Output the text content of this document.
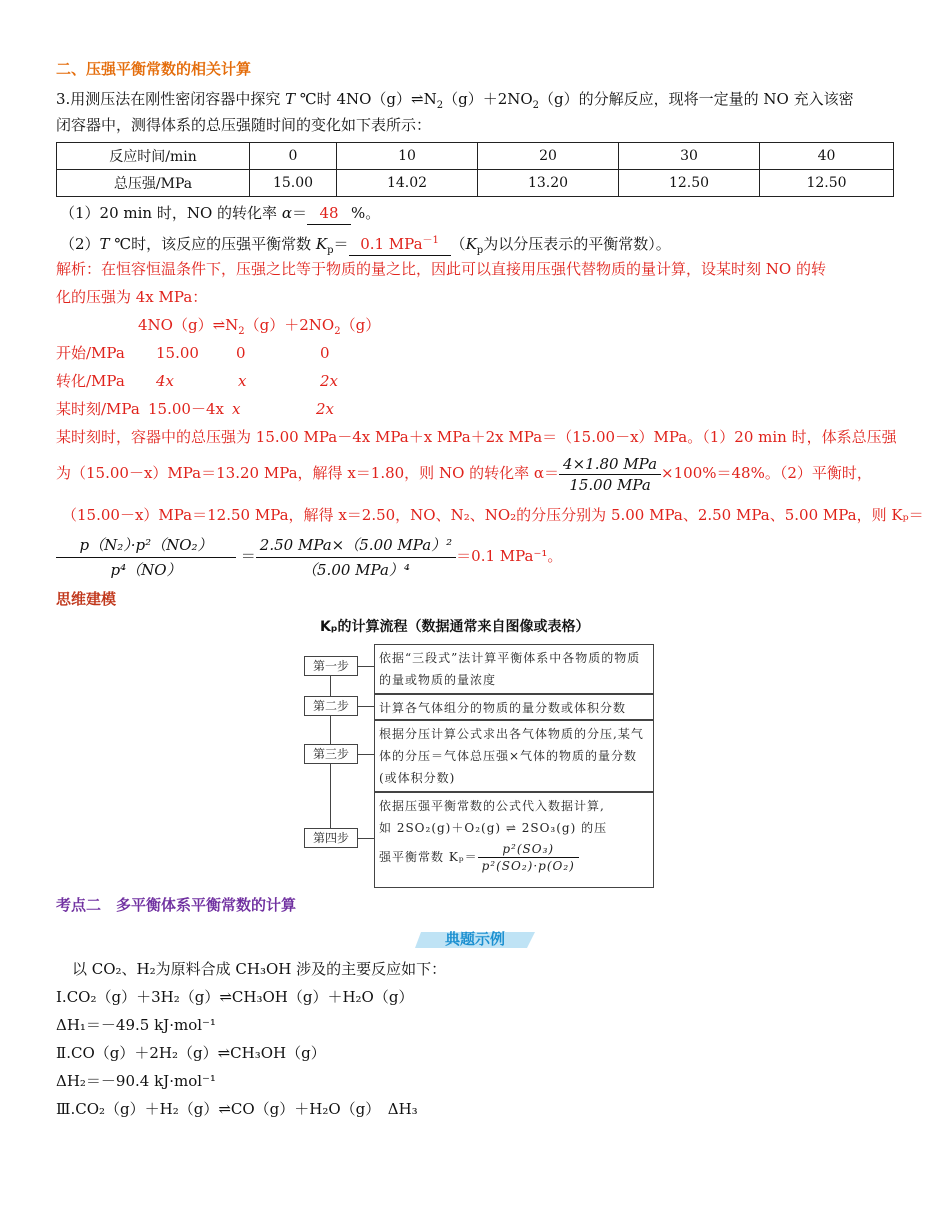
二、压强平衡常数的相关计算
3.用测压法在刚性密闭容器中探究 T ℃时 $4NO(g)\rightleftharpoons N_2(g)+2NO_2(g)$的分解反应，现将一定量的 NO 充入该密
闭容器中，测得体系的总压强随时间的变化如下表所示：
反应时间/min	0	10	20	30	40
总压强/MPa	15.00	14.02	13.20	12.50	12.50
（1）20 min 时，NO 的转化率 α＝ 48 %。
（2）T ℃时，该反应的压强平衡常数 $K_p= 0.1$ MPa$^{-1}$ （$K_p$为以分压表示的平衡常数）。
解析：在恒容恒温条件下，压强之比等于物质的量之比，因此可以直接用压强代替物质的量计算，设某时刻 NO 的转
化的压强为 4x MPa：
$4NO(g)\rightleftharpoons N_2(g)+2NO_2(g)$
开始/MPa 15.00 0	0
转化/MPa 4x	x	2x
某时刻/MPa 15.00－4x x	2x
某时刻时，容器中的总压强为 15.00 MPa－4x MPa＋x MPa＋2x MPa＝（15.00－x）MPa。（1）20 min 时，体系总压强
为（15.00－x）MPa＝13.20 MPa，解得 x＝1.80，则 NO 的转化率 $\alpha= \frac{\text{4×1.80 MPa}}{\text{15.00 MPa}} \times 100\%=48\%$。（2）平衡时，
（15.00－x）MPa＝12.50 MPa，解得 x＝2.50，NO、N₂、NO₂的分压分别为 5.00 MPa、2.50 MPa、5.00 MPa，则 Kₚ＝
$\frac{\text{p（N₂）·p²（NO₂）}}{\text{p⁴（NO）}} = \frac{\text{2.50 MPa×（5.00 MPa）²}}{\text{（5.00 MPa）⁴}} =0.1$ MPa⁻¹。
思维建模
Kₚ的计算流程（数据通常来自图像或表格）
依据“三段式”法计算平衡体系中各物质的物质的量或物质的量浓度
计算各气体组分的物质的量分数或体积分数
根据分压计算公式求出各气体物质的分压,某气体的分压＝气体总压强×气体的物质的量分数(或体积分数)
依据压强平衡常数的公式代入数据计算,
如 2SO₂(g)＋O₂(g) ⇌ 2SO₃(g) 的压
强平衡常数 $K_p= \frac{\text{p²(SO₃)}}{\text{p²(SO₂)·p(O₂)}}$
第一步
第二步
第三步
第四步
考点二　多平衡体系平衡常数的计算
典题示例
以 CO₂、H₂为原料合成 CH₃OH 涉及的主要反应如下：
Ⅰ.CO₂（g）＋3H₂（g）⇌CH₃OH（g）＋H₂O（g）
ΔH₁＝－49.5 kJ·mol⁻¹
Ⅱ.CO（g）＋2H₂（g）⇌CH₃OH（g）
ΔH₂＝－90.4 kJ·mol⁻¹
Ⅲ.CO₂（g）＋H₂（g）⇌CO（g）＋H₂O（g）　ΔH₃
